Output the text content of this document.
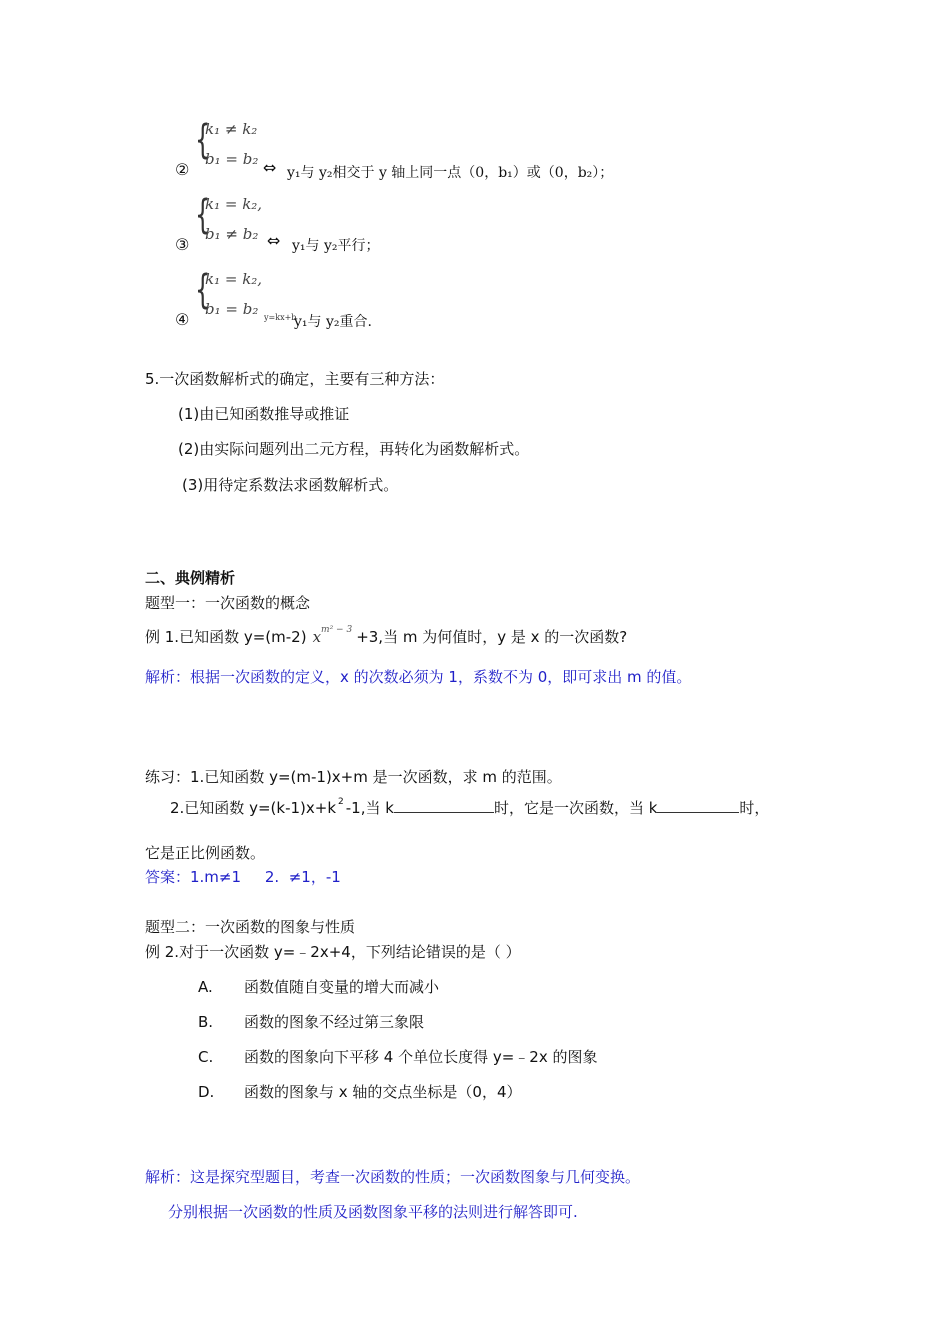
{
k₁ ≠ k₂
b₁ = b₂
②	⇔ y₁与 y₂相交于 y 轴上同一点（0，b₁）或（0，b₂）；
{
k₁ = k₂,
b₁ ≠ b₂
③	⇔ y₁与 y₂平行；
{
k₁ = k₂,
b₁ = b₂
④	y=kx+b
y₁与 y₂重合.
5.一次函数解析式的确定，主要有三种方法：
(1)由已知函数推导或推证
(2)由实际问题列出二元方程，再转化为函数解析式。
(3)用待定系数法求函数解析式。
二、典例精析
题型一：一次函数的概念
例 1.已知函数 y=(m-2) $x^{m^2 - 3} +3$,当 m 为何值时，y 是 x 的一次函数?
解析：根据一次函数的定义，x 的次数必须为 1，系数不为 0，即可求出 m 的值。
练习：1.已知函数 y=(m-1)x+m 是一次函数，求 m 的范围。
2.已知函数 y=(k-1)x+k $^2$ -1,当 k	时，它是一次函数，当 k	时，
它是正比例函数。
答案：1.m≠1     2.  ≠1，-1
题型二：一次函数的图象与性质
例 2.对于一次函数 y=﹣2x+4，下列结论错误的是（ ）
A. 函数值随自变量的增大而减小
B. 函数的图象不经过第三象限
C. 函数的图象向下平移 4 个单位长度得 y=﹣2x 的图象
D. 函数的图象与 x 轴的交点坐标是（0，4）
解析：这是探究型题目，考查一次函数的性质；一次函数图象与几何变换。
分别根据一次函数的性质及函数图象平移的法则进行解答即可.
